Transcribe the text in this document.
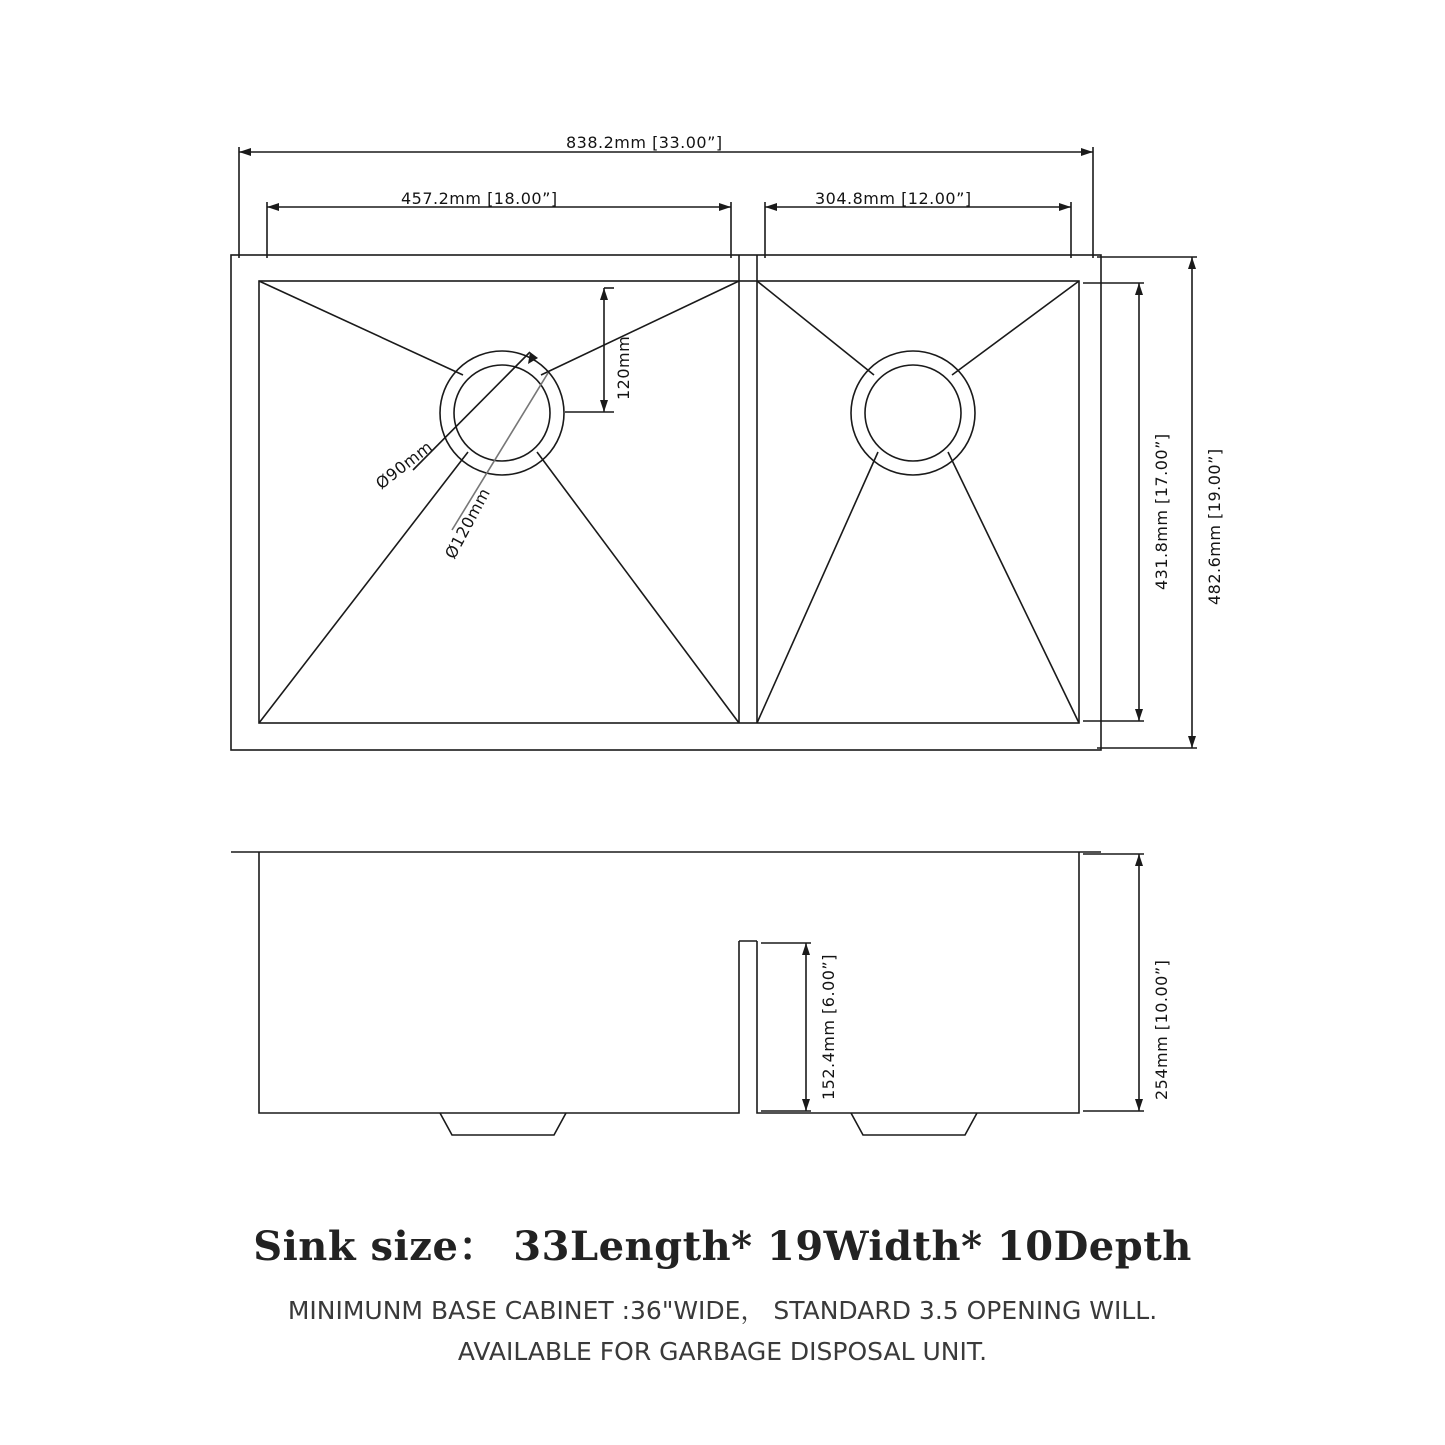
838.2mm [33.00”]
457.2mm [18.00”]	304.8mm [12.00”]
120mm
431.8mm [17.00”] 482.6mm [19.00”]
Ø90mm
Ø120mm
152.4mm [6.00”]	254mm [10.00”]
Sink size： 33Length* 19Width* 10Depth
MINIMUNM BASE CABINET :36"WIDE， STANDARD 3.5 OPENING WILL.
AVAILABLE FOR GARBAGE DISPOSAL UNIT.
